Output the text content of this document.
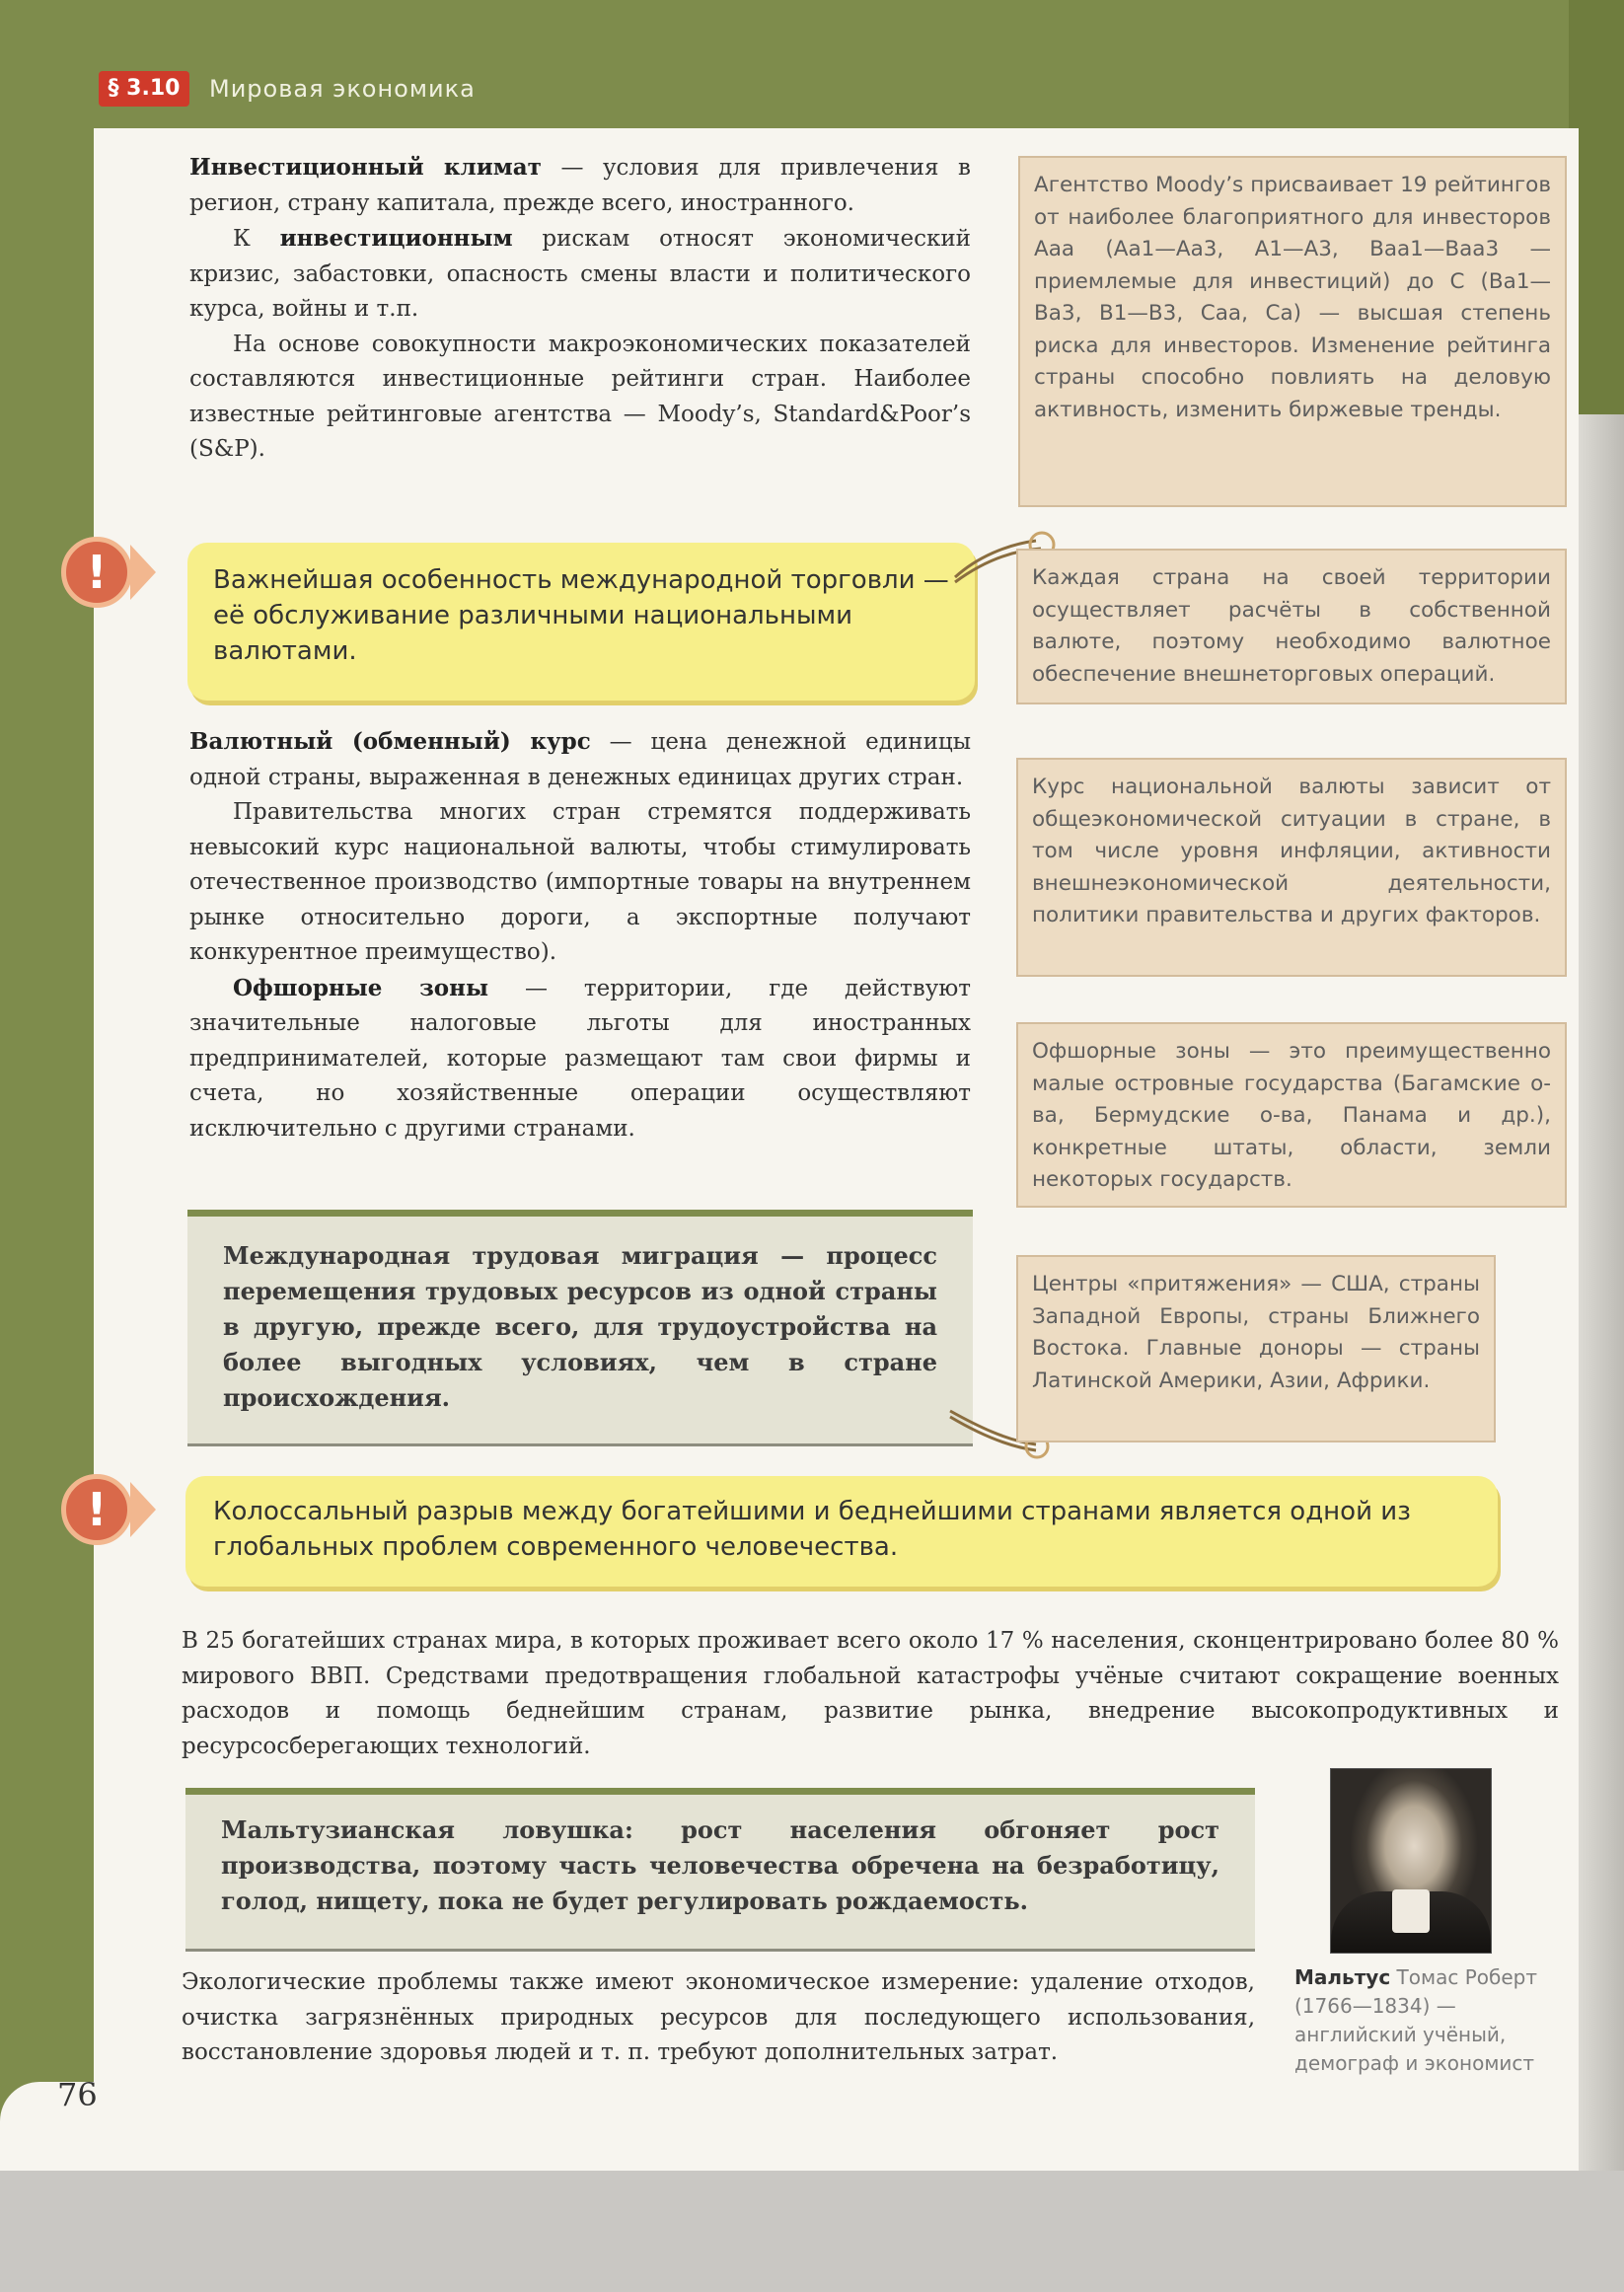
§ 3.10	Мировая экономика

Инвестиционный климат — условия для привлечения в регион, страну капитала, прежде всего, иностранного.

К инвестиционным рискам относят экономический кризис, забастовки, опасность смены власти и политического курса, войны и т.п.

На основе совокупности макроэкономических показателей составляются инвестиционные рейтинги стран. Наиболее известные рейтинговые агентства — Moody’s, Standard&Poor’s (S&P).

Агентство Moody’s присваивает 19 рейтингов от наиболее благоприятного для инвесторов Aaa (Aa1—Aa3, A1—A3, Baa1—Baa3 — приемлемые для инвестиций) до C (Ba1—Ba3, B1—B3, Caa, Ca) — высшая степень риска для инвесторов. Изменение рейтинга страны способно повлиять на деловую активность, изменить биржевые тренды.
!	Важнейшая особенность международной торговли — её обслуживание различными национальными валютами.
Каждая страна на своей территории осуществляет расчёты в собственной валюте, поэтому необходимо валютное обеспечение внешнеторговых операций.

Валютный (обменный) курс — цена денежной единицы одной страны, выраженная в денежных единицах других стран.

Правительства многих стран стремятся поддерживать невысокий курс национальной валюты, чтобы стимулировать отечественное производство (импортные товары на внутреннем рынке относительно дороги, а экспортные получают конкурентное преимущество).

Офшорные зоны — территории, где действуют значительные налоговые льготы для иностранных предпринимателей, которые размещают там свои фирмы и счета, но хозяйственные операции осуществляют исключительно с другими странами.

Курс национальной валюты зависит от общеэкономической ситуации в стране, в том числе уровня инфляции, активности внешнеэкономической деятельности, политики правительства и других факторов.
Офшорные зоны — это преимущественно малые островные государства (Багамские о-ва, Бермудские о-ва, Панама и др.), конкретные штаты, области, земли некоторых государств.
Международная трудовая миграция — процесс перемещения трудовых ресурсов из одной страны в другую, прежде всего, для трудоустройства на более выгодных условиях, чем в стране происхождения.
Центры «притяжения» — США, страны Западной Европы, страны Ближнего Востока. Главные доноры — страны Латинской Америки, Азии, Африки.
!	Колоссальный разрыв между богатейшими и беднейшими странами является одной из глобальных проблем современного человечества.
В 25 богатейших странах мира, в которых проживает всего около 17 % населения, сконцентрировано более 80 % мирового ВВП. Средствами предотвращения глобальной катастрофы учёные считают сокращение военных расходов и помощь беднейшим странам, развитие рынка, внедрение высокопродуктивных и ресурсосберегающих технологий.
Мальтузианская ловушка: рост населения обгоняет рост производства, поэтому часть человечества обречена на безработицу, голод, нищету, пока не будет регулировать рождаемость.
Мальтус Томас Роберт (1766—1834) — английский учёный, демограф и экономист
Экологические проблемы также имеют экономическое измерение: удаление отходов, очистка загрязнённых природных ресурсов для последующего использования, восстановление здоровья людей и т. п. требуют дополнительных затрат.
76
